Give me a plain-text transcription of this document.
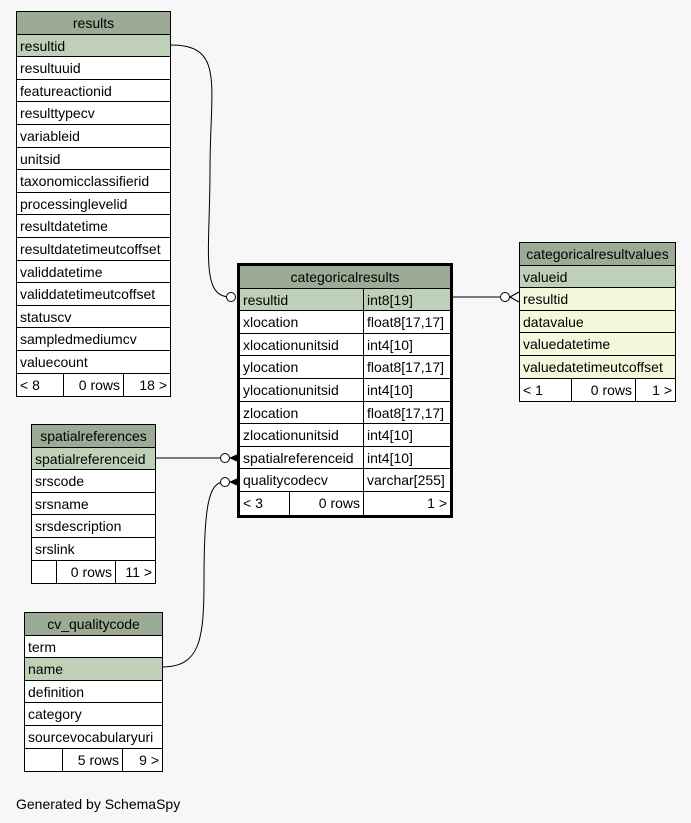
results
resultid
resultuuid
featureactionid
resulttypecv
variableid
unitsid
taxonomicclassifierid
processinglevelid
resultdatetime
resultdatetimeutcoffset
validdatetime
validdatetimeutcoffset
statuscv
sampledmediumcv
valuecount
< 8	0 rows	18 >
categoricalresults
resultid	int8[19]
xlocation	float8[17,17]
xlocationunitsid	int4[10]
ylocation	float8[17,17]
ylocationunitsid	int4[10]
zlocation	float8[17,17]
zlocationunitsid	int4[10]
spatialreferenceid int4[10]
qualitycodecv	varchar[255]
< 3	0 rows	1 >
categoricalresultvalues
valueid
resultid
datavalue
valuedatetime
valuedatetimeutcoffset
< 1	0 rows	1 >
spatialreferences
spatialreferenceid
srscode
srsname
srsdescription
srslink
0 rows 11 >
cv_qualitycode
term
name
definition
category
sourcevocabularyuri
5 rows	9 >
Generated by SchemaSpy
